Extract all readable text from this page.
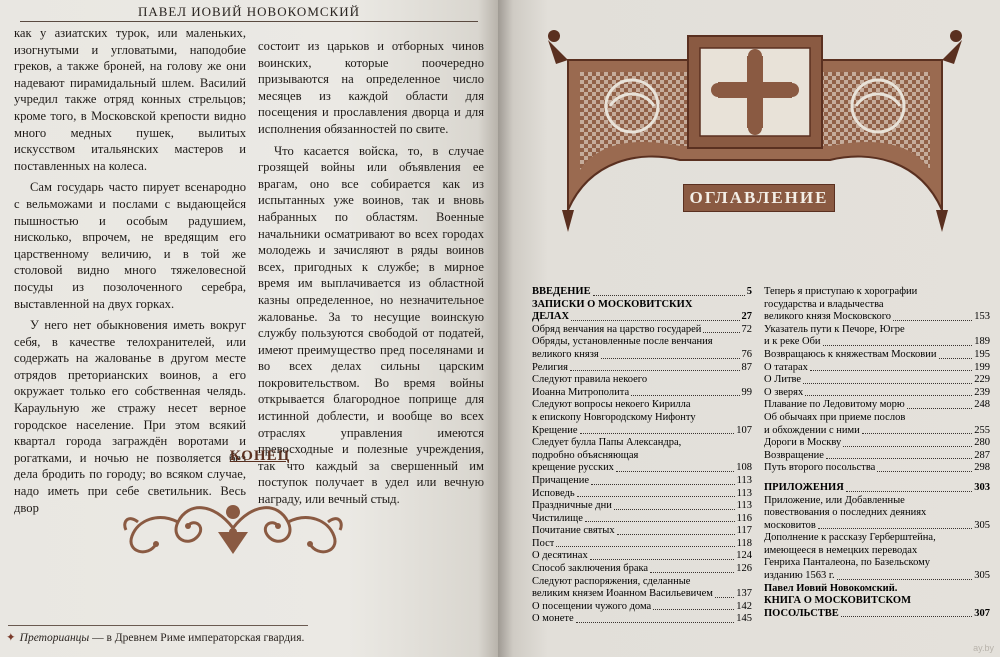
ПАВЕЛ ИОВИЙ НОВОКОМСКИЙ

как у азиатских турок, или маленьких, изогнутыми и угловатыми, наподобие греков, а также броней, на голову же они надевают пирамидальный шлем. Василий учредил также отряд конных стрельцов; кроме того, в Московской крепости видно много медных пушек, вылитых искусством итальянских мастеров и поставленных на колеса.

Сам государь часто пирует всенародно с вельможами и послами с выдающейся пышностью и особым радушием, нисколько, впрочем, не вредящим его царственному величию, и в той же столовой видно много тяжеловесной посуды из позолоченного серебра, выставленной на двух горках.

У него нет обыкновения иметь вокруг себя, в качестве телохранителей, или содержать на жалованье в другом месте отрядов преторианских воинов, а его окружает только его собственная челядь. Караульную же стражу несет верное городское население. При этом всякий квартал города заграждён воротами и рогатками, и ночью не позволяется без дела бродить по городу; во всяком случае, надо иметь при себе светильник. Весь двор

состоит из царьков и отборных чинов воинских, которые поочередно призываются на определенное число месяцев из каждой области для посещения и прославления дворца и для исполнения обязанностей по свите.

Что касается войска, то, в случае грозящей войны или объявления ее врагам, оно все собирается как из испытанных уже воинов, так и вновь набранных по областям. Военные начальники осматривают во всех городах молодежь и зачисляют в ряды воинов всех, пригодных к службе; в мирное время им выплачивается из областной казны определенное, но незначительное жалованье. За то несущие воинскую службу пользуются свободой от податей, имеют преимущество пред поселянами и во всех делах сильны царским покровительством. Во время войны открывается благородное поприще для истинной доблести, и вообще во всех отраслях управления имеются превосходные и полезные учреждения, так что каждый за свершенный им поступок получает в удел или вечную награду, или вечный стыд.

КОНЕЦ
✦ Преторианцы — в Древнем Риме императорская гвардия.
ОГЛАВЛЕНИЕ
ВВЕДЕНИЕ	5
ЗАПИСКИ О МОСКОВИТСКИХ
ДЕЛАХ	27
Обряд венчания на царство государей	72
Обряды, установленные после венчания
великого князя	76
Религия	87
Следуют правила некоего
Иоанна Митрополита	99
Следуют вопросы некоего Кирилла
к епископу Новгородскому Нифонту
Крещение	107
Следует булла Папы Александра,
подробно объясняющая
крещение русских	108
Причащение	113
Исповедь	113
Праздничные дни	113
Чистилище	116
Почитание святых	117
Пост	118
О десятинах	124
Способ заключения брака	126
Следуют распоряжения, сделанные
великим князем Иоанном Васильевичем 137
О посещении чужого дома	142
О монете	145
Теперь я приступаю к хорографии
государства и владычества
великого князя Московского	153
Указатель пути к Печоре, Югре
и к реке Оби	189
Возвращаюсь к княжествам Московии	195
О татарах	199
О Литве	229
О зверях	239
Плавание по Ледовитому морю	248
Об обычаях при приеме послов
и обхождении с ними	255
Дороги в Москву	280
Возвращение	287
Путь второго посольства	298
ПРИЛОЖЕНИЯ	303
Приложение, или Добавленные
повествования о последних деяниях
московитов	305
Дополнение к рассказу Герберштейна,
имеющееся в немецких переводах
Генриха Панталеона, по Базельскому
изданию 1563 г.	305
Павел Иовий Новокомский.
КНИГА О МОСКОВИТСКОМ
ПОСОЛЬСТВЕ	307
ay.by
